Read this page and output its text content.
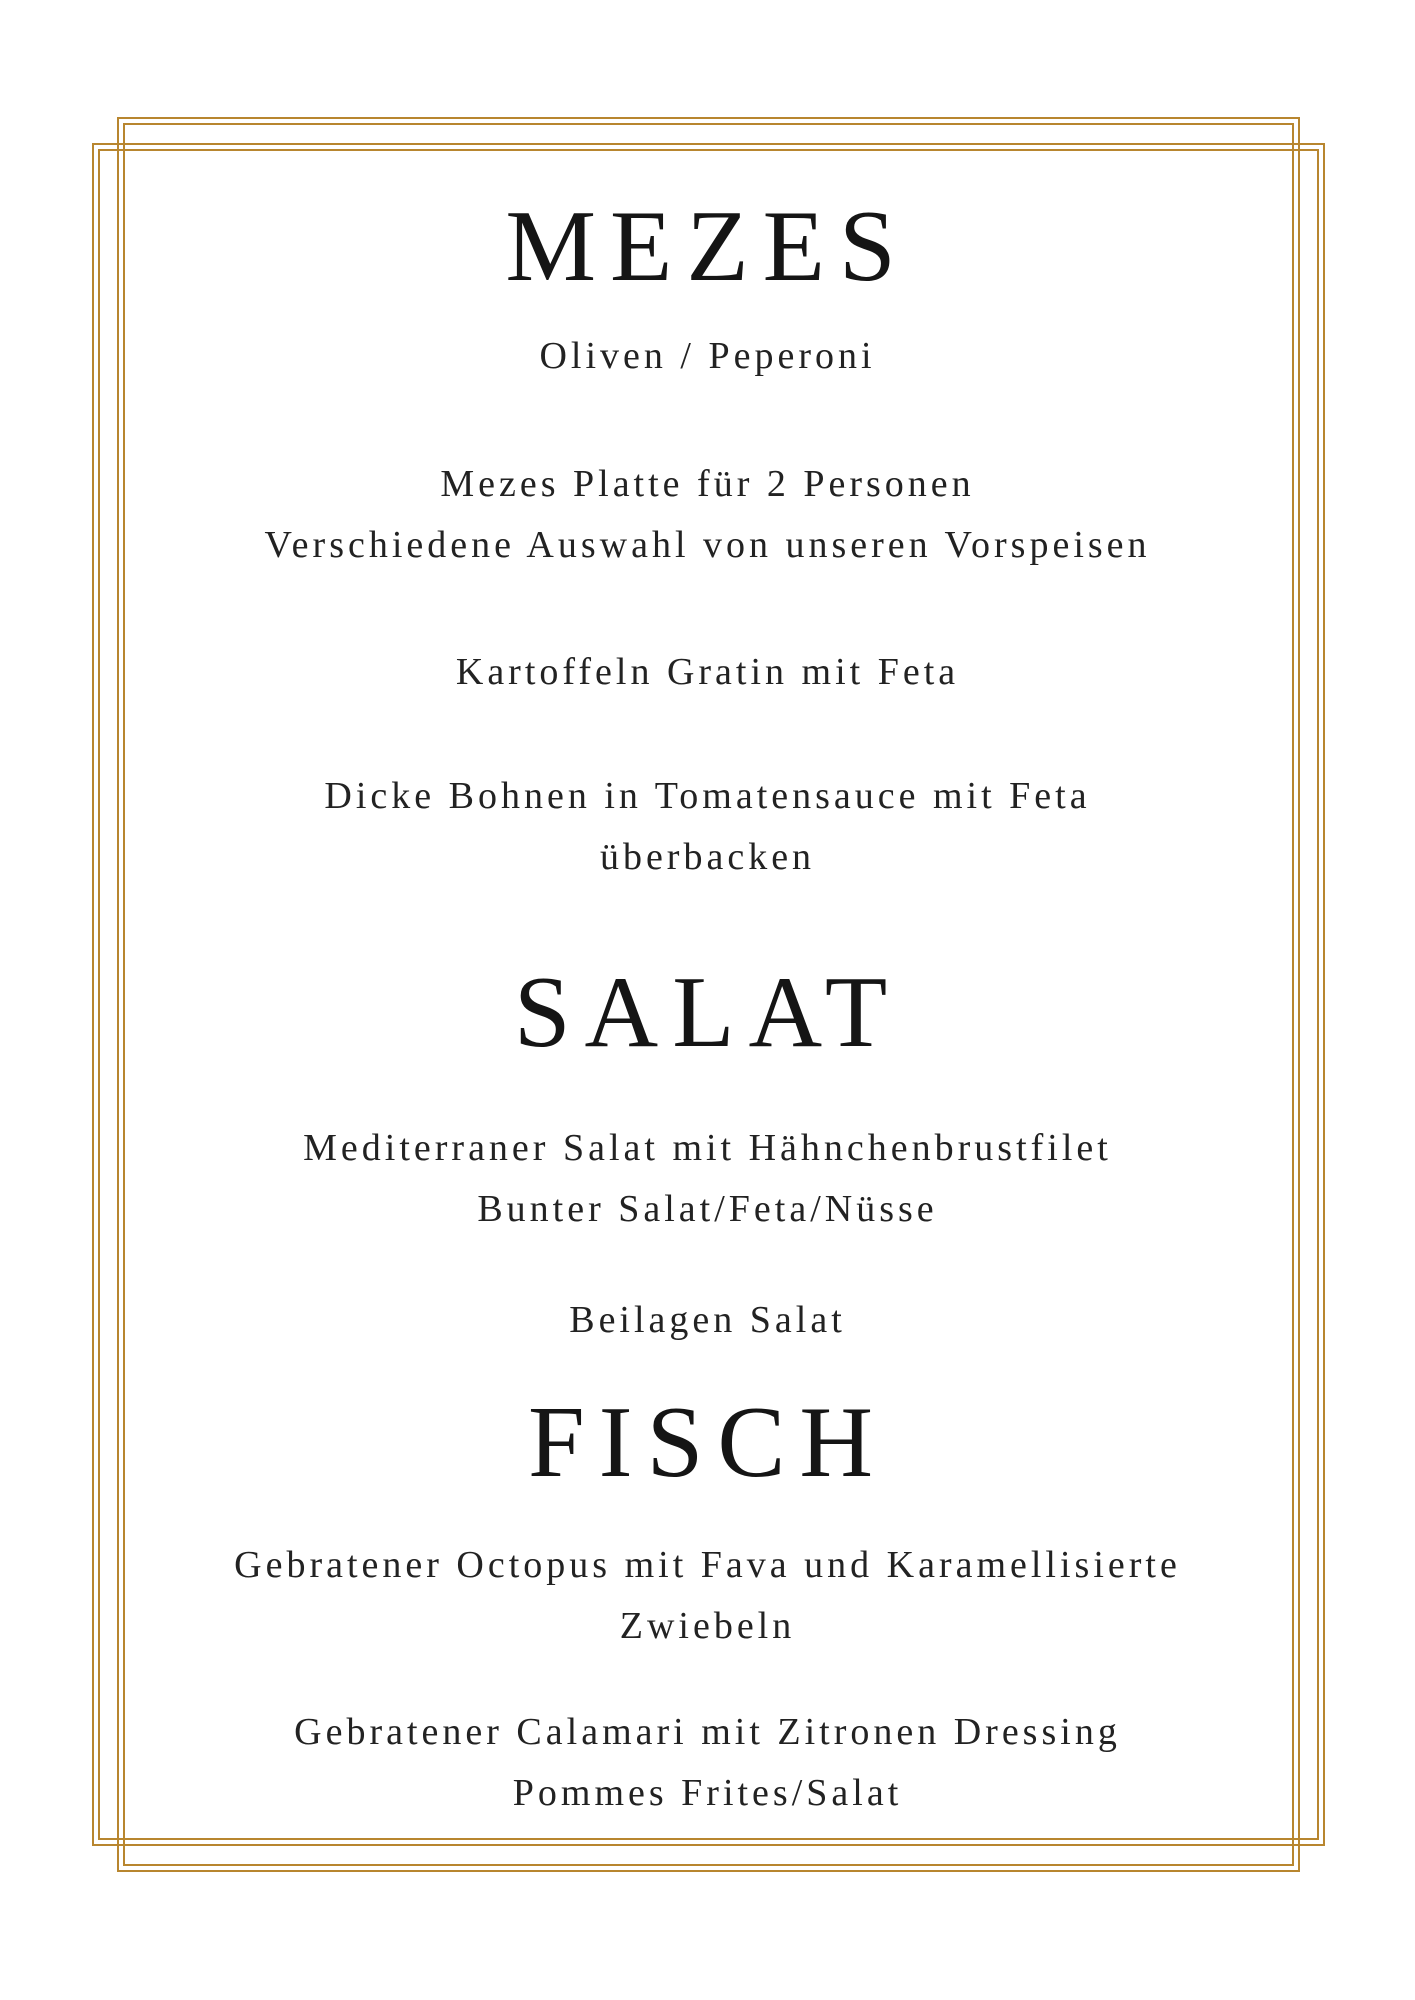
MEZES
Oliven / Peperoni
Mezes Platte für 2 Personen
Verschiedene Auswahl von unseren Vorspeisen
Kartoffeln Gratin mit Feta
Dicke Bohnen in Tomatensauce mit Feta
überbacken
SALAT
Mediterraner Salat mit Hähnchenbrustfilet
Bunter Salat/Feta/Nüsse
Beilagen Salat
FISCH
Gebratener Octopus mit Fava und Karamellisierte
Zwiebeln
Gebratener Calamari mit Zitronen Dressing
Pommes Frites/Salat
